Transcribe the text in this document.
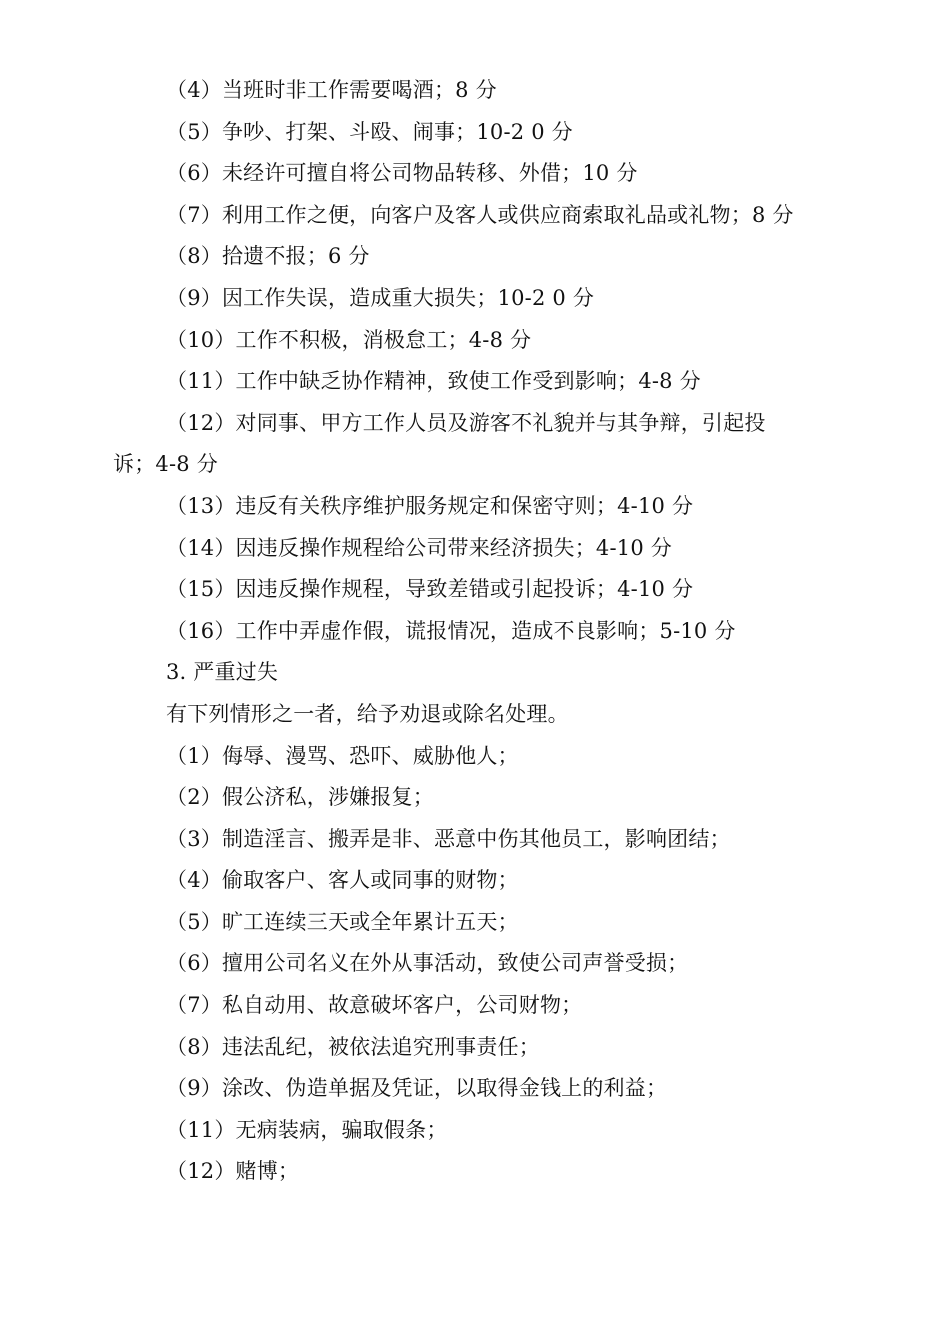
（4）当班时非工作需要喝酒；8 分
（5）争吵、打架、斗殴、闹事；10-2 0 分
（6）未经许可擅自将公司物品转移、外借；10 分
（7）利用工作之便，向客户及客人或供应商索取礼品或礼物；8 分
（8）拾遗不报；6 分
（9）因工作失误，造成重大损失；10-2 0 分
（10）工作不积极，消极怠工；4-8 分
（11）工作中缺乏协作精神，致使工作受到影响；4-8 分
（12）对同事、甲方工作人员及游客不礼貌并与其争辩，引起投
诉；4-8 分
（13）违反有关秩序维护服务规定和保密守则；4-10 分
（14）因违反操作规程给公司带来经济损失；4-10 分
（15）因违反操作规程，导致差错或引起投诉；4-10 分
（16）工作中弄虚作假，谎报情况，造成不良影响；5-10 分
3. 严重过失
有下列情形之一者，给予劝退或除名处理。
（1）侮辱、漫骂、恐吓、威胁他人；
（2）假公济私，涉嫌报复；
（3）制造淫言、搬弄是非、恶意中伤其他员工，影响团结；
（4）偷取客户、客人或同事的财物；
（5）旷工连续三天或全年累计五天；
（6）擅用公司名义在外从事活动，致使公司声誉受损；
（7）私自动用、故意破坏客户，公司财物；
（8）违法乱纪，被依法追究刑事责任；
（9）涂改、伪造单据及凭证，以取得金钱上的利益；
（11）无病装病，骗取假条；
（12）赌博；
